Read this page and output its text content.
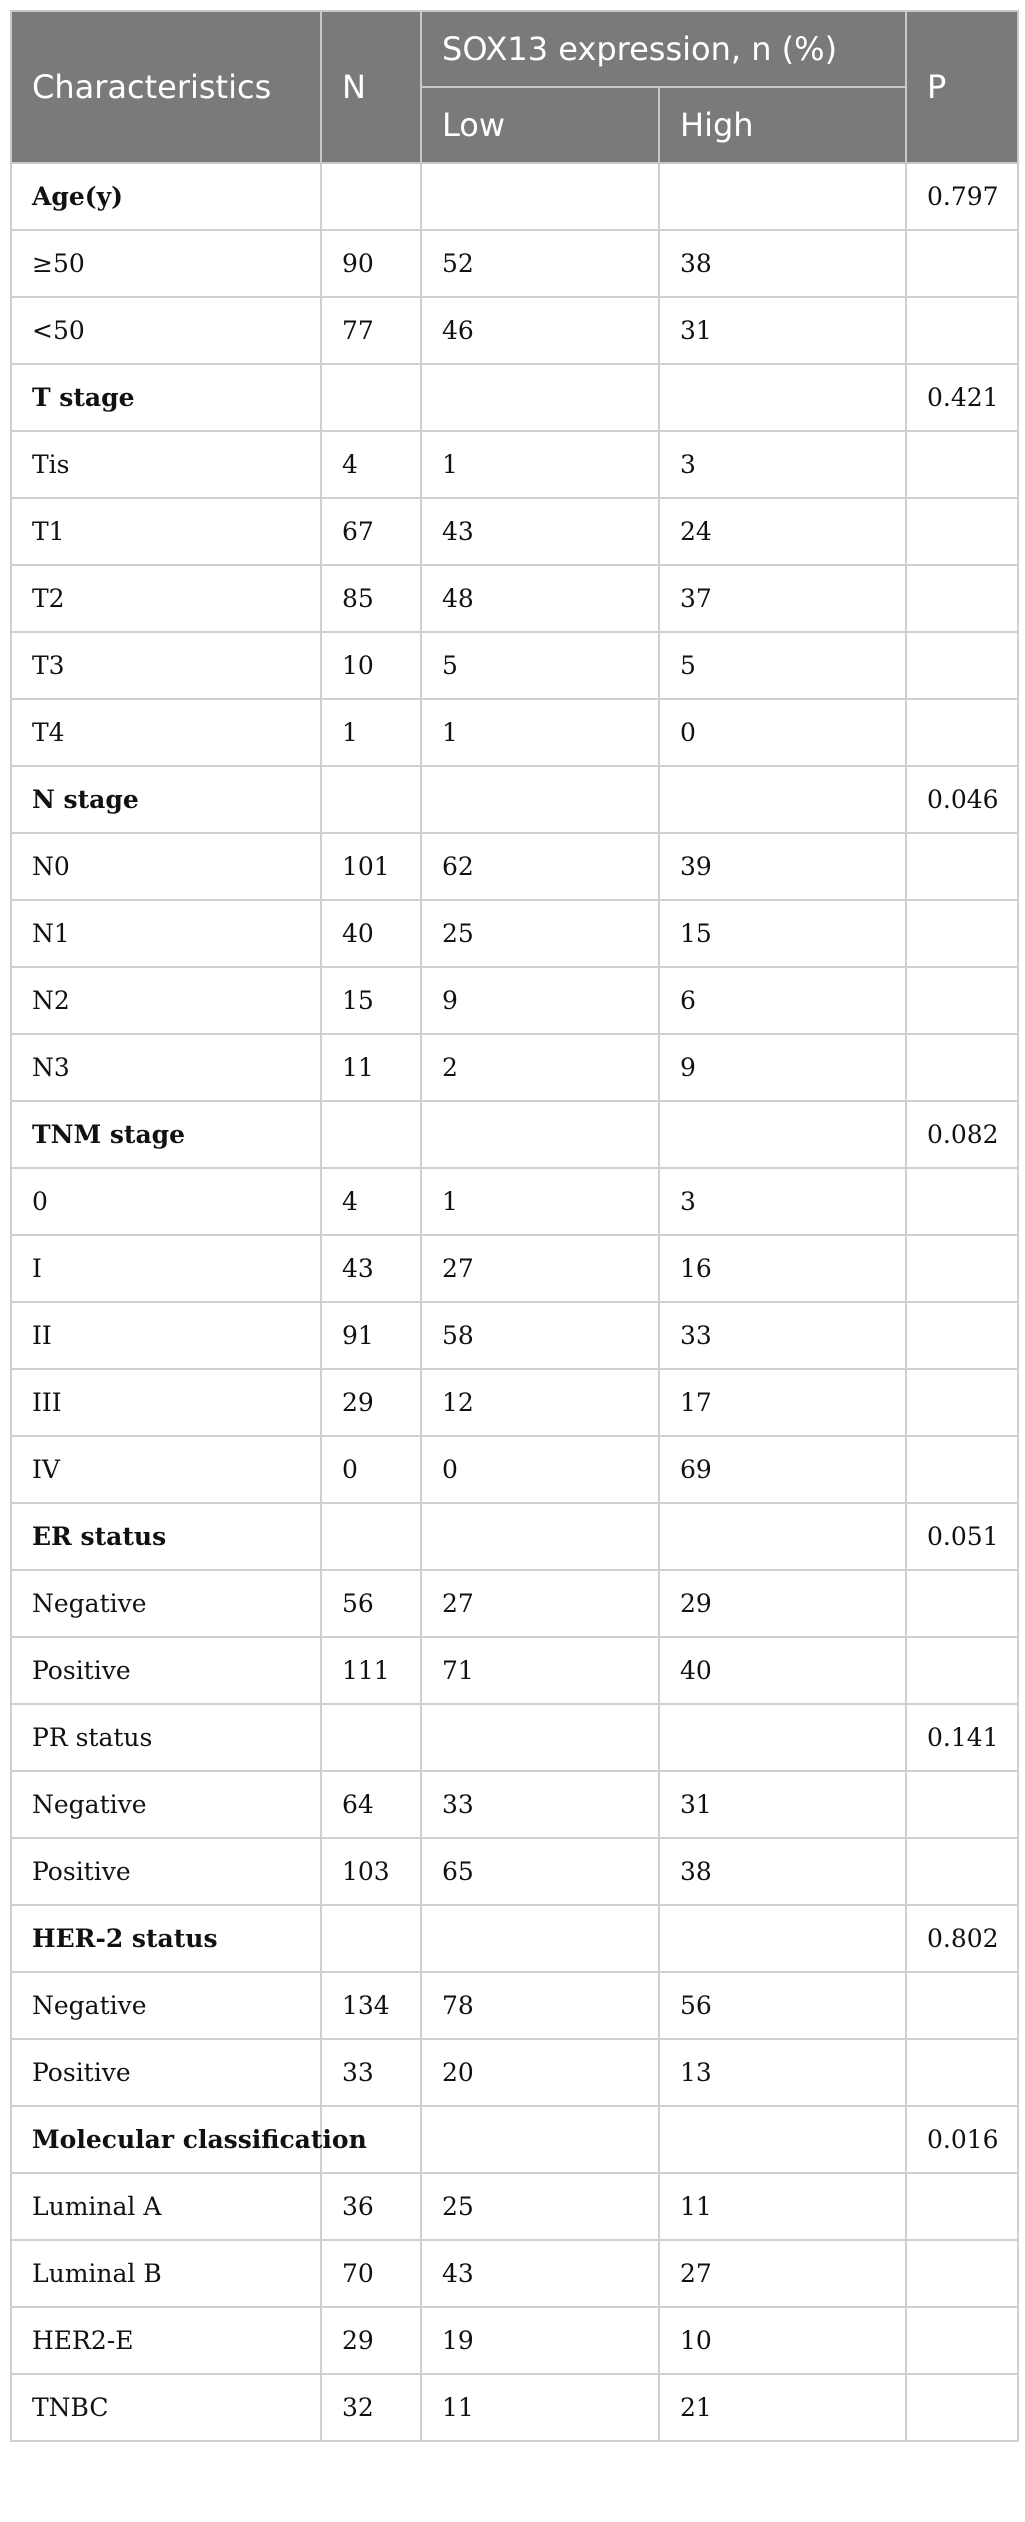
Characteristics	N	SOX13 expression, n (%)		P
		Low	High	
Age(y)				0.797
≥50	90	52	38	
<50	77	46	31	
T stage				0.421
Tis	4	1	3	
T1	67	43	24	
T2	85	48	37	
T3	10	5	5	
T4	1	1	0	
N stage				0.046
N0	101	62	39	
N1	40	25	15	
N2	15	9	6	
N3	11	2	9	
TNM stage				0.082
0	4	1	3	
I	43	27	16	
II	91	58	33	
III	29	12	17	
IV	0	0	69	
ER status				0.051
Negative	56	27	29	
Positive	111	71	40	
PR status				0.141
Negative	64	33	31	
Positive	103	65	38	
HER-2 status				0.802
Negative	134	78	56	
Positive	33	20	13	
Molecular classification				0.016
Luminal A	36	25	11	
Luminal B	70	43	27	
HER2-E	29	19	10	
TNBC	32	11	21	
